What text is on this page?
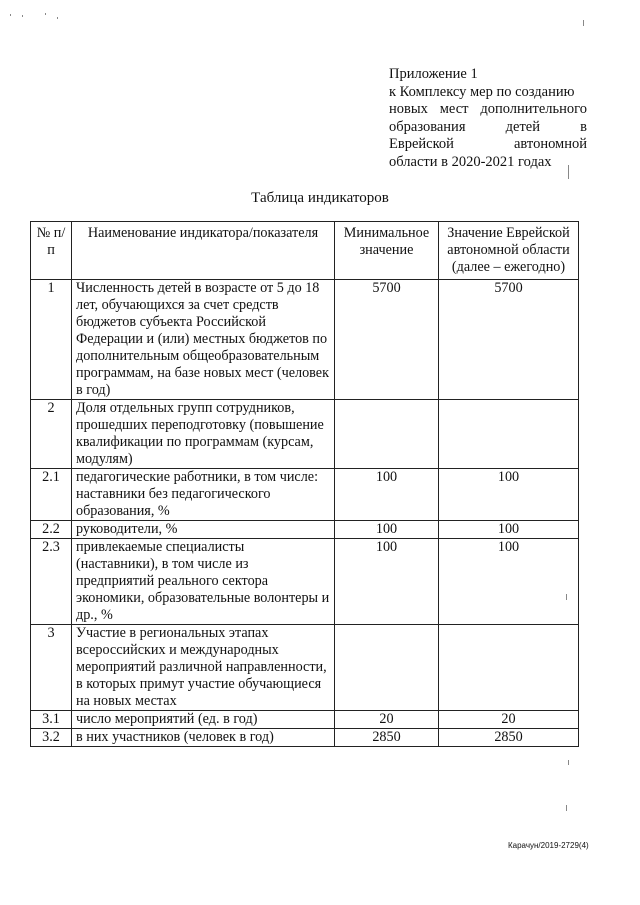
Приложение 1
к Комплексу мер по созданию
новых мест дополнительного
образования детей в
Еврейской автономной
области в 2020-2021 годах
Таблица индикаторов
№ п/п	Наименование индикатора/показателя	Минимальное значение	Значение Еврейской автономной области (далее – ежегодно)
1	Численность детей в возрасте от 5 до 18 лет, обучающихся за счет средств бюджетов субъекта Российской Федерации и (или) местных бюджетов по дополнительным общеобразовательным программам, на базе новых мест (человек в год)	5700	5700
2	Доля отдельных групп сотрудников, прошедших переподготовку (повышение квалификации по программам (курсам, модулям)		
2.1	педагогические работники, в том числе: наставники без педагогического образования, %	100	100
2.2	руководители, %	100	100
2.3	привлекаемые специалисты (наставники), в том числе из предприятий реального сектора экономики, образовательные волонтеры и др., %	100	100
3	Участие в региональных этапах всероссийских и международных мероприятий различной направленности, в которых примут участие обучающиеся на новых местах		
3.1	число мероприятий (ед. в год)	20	20
3.2	в них участников (человек в год)	2850	2850
Карачун/2019-2729(4)
